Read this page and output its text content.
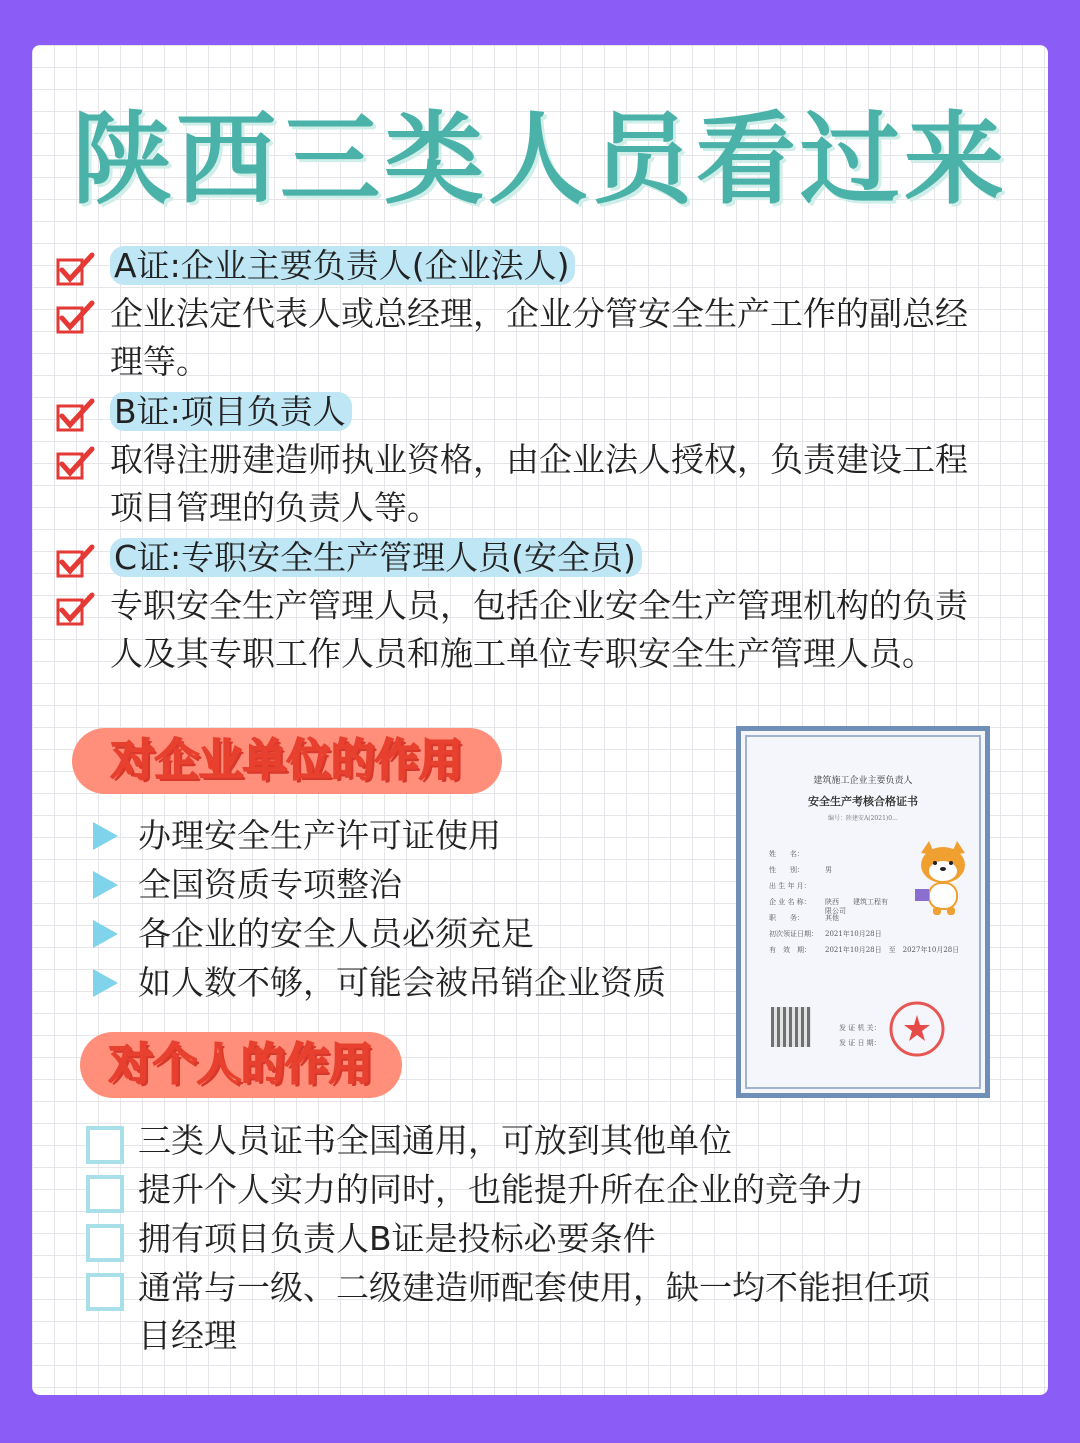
陕西三类人员看过来
A证:企业主要负责人(企业法人)
企业法定代表人或总经理，企业分管安全生产工作的副总经
理等。
B证:项目负责人
取得注册建造师执业资格，由企业法人授权，负责建设工程
项目管理的负责人等。
C证:专职安全生产管理人员(安全员)
专职安全生产管理人员，包括企业安全生产管理机构的负责
人及其专职工作人员和施工单位专职安全生产管理人员。
对企业单位的作用
办理安全生产许可证使用
全国资质专项整治
各企业的安全人员必须充足
如人数不够，可能会被吊销企业资质
对个人的作用
三类人员证书全国通用，可放到其他单位
提升个人实力的同时，也能提升所在企业的竞争力
拥有项目负责人B证是投标必要条件
通常与一级、二级建造师配套使用，缺一均不能担任项
目经理
建筑施工企业主要负责人
安全生产考核合格证书
编号：陕建安A(2021)0…
姓　　名：
性　　别：	男
出 生 年 月：
企 业 名 称： 陕西　　建筑工程有
限公司
职　　务：	其他
初次领证日期： 2021年10月28日
有　效　期： 2021年10月28日　至　2027年10月28日
发 证 机 关：
发 证 日 期：
